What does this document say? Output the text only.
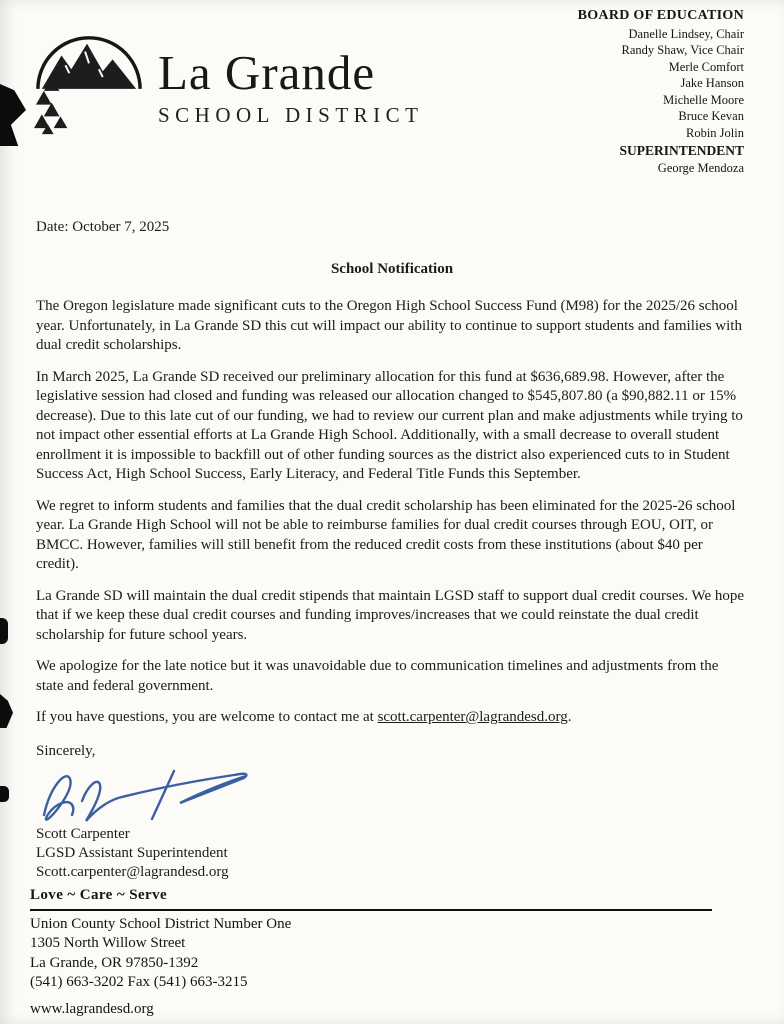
La Grande
SCHOOL DISTRICT
BOARD OF EDUCATION
Danelle Lindsey, Chair
Randy Shaw, Vice Chair
Merle Comfort
Jake Hanson
Michelle Moore
Bruce Kevan
Robin Jolin
SUPERINTENDENT
George Mendoza
Date: October 7, 2025
School Notification

The Oregon legislature made significant cuts to the Oregon High School Success Fund (M98) for the 2025/26 school year. Unfortunately, in La Grande SD this cut will impact our ability to continue to support students and families with dual credit scholarships.

In March 2025, La Grande SD received our preliminary allocation for this fund at $636,689.98. However, after the legislative session had closed and funding was released our allocation changed to $545,807.80 (a $90,882.11 or 15% decrease). Due to this late cut of our funding, we had to review our current plan and make adjustments while trying to not impact other essential efforts at La Grande High School. Additionally, with a small decrease to overall student enrollment it is impossible to backfill out of other funding sources as the district also experienced cuts to in Student Success Act, High School Success, Early Literacy, and Federal Title Funds this September.

We regret to inform students and families that the dual credit scholarship has been eliminated for the 2025-26 school year. La Grande High School will not be able to reimburse families for dual credit courses through EOU, OIT, or BMCC. However, families will still benefit from the reduced credit costs from these institutions (about $40 per credit).

La Grande SD will maintain the dual credit stipends that maintain LGSD staff to support dual credit courses. We hope that if we keep these dual credit courses and funding improves/increases that we could reinstate the dual credit scholarship for future school years.

We apologize for the late notice but it was unavoidable due to communication timelines and adjustments from the state and federal government.

If you have questions, you are welcome to contact me at scott.carpenter@lagrandesd.org.
Sincerely,
Scott Carpenter
LGSD Assistant Superintendent
Scott.carpenter@lagrandesd.org
Love ~ Care ~ Serve
Union County School District Number One
1305 North Willow Street
La Grande, OR 97850-1392
(541) 663-3202 Fax (541) 663-3215
www.lagrandesd.org
